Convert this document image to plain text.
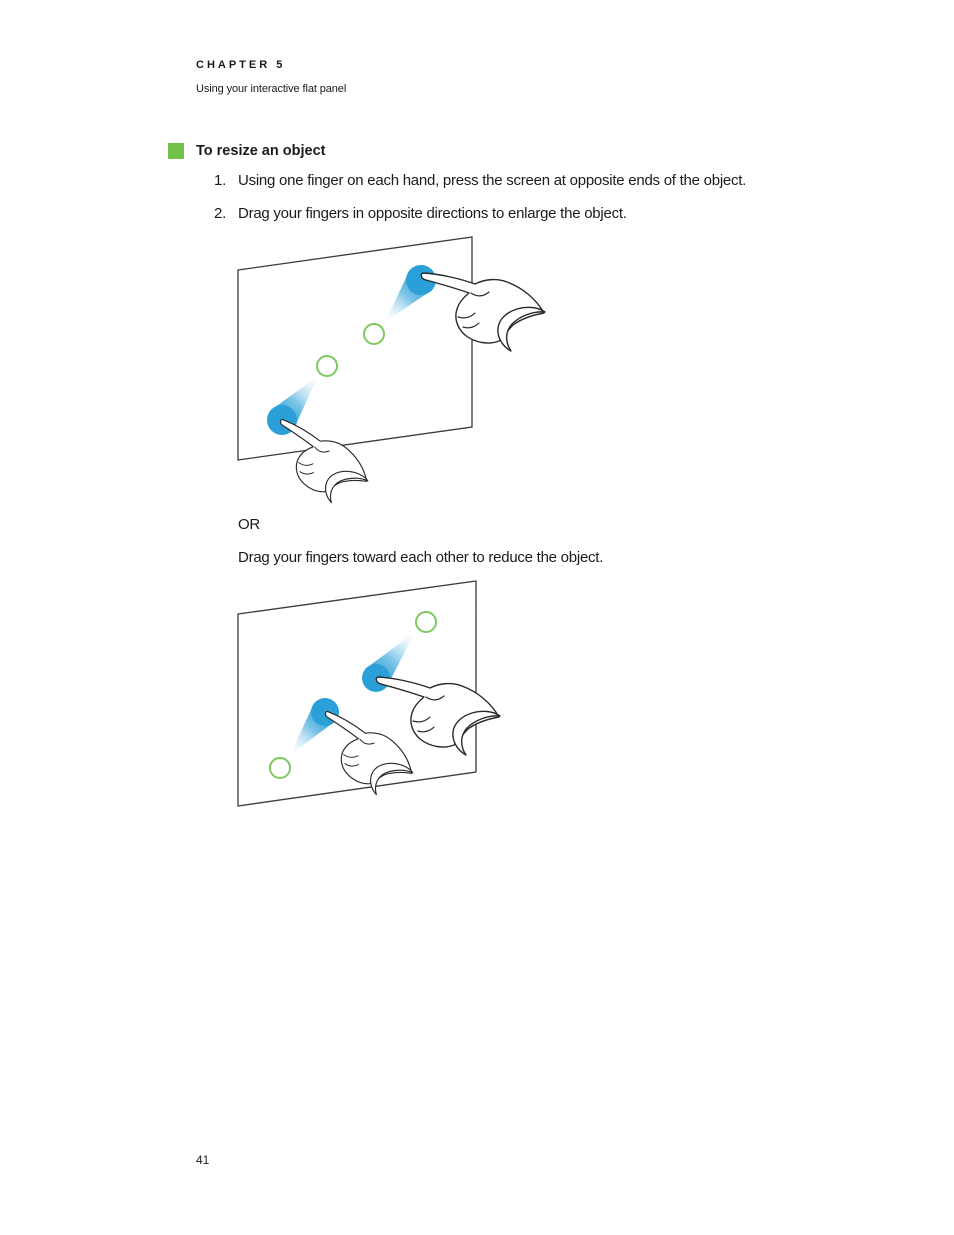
CHAPTER 5
Using your interactive flat panel
To resize an object
1. Using one finger on each hand, press the screen at opposite ends of the object.
2. Drag your fingers in opposite directions to enlarge the object.
OR
Drag your fingers toward each other to reduce the object.
41
